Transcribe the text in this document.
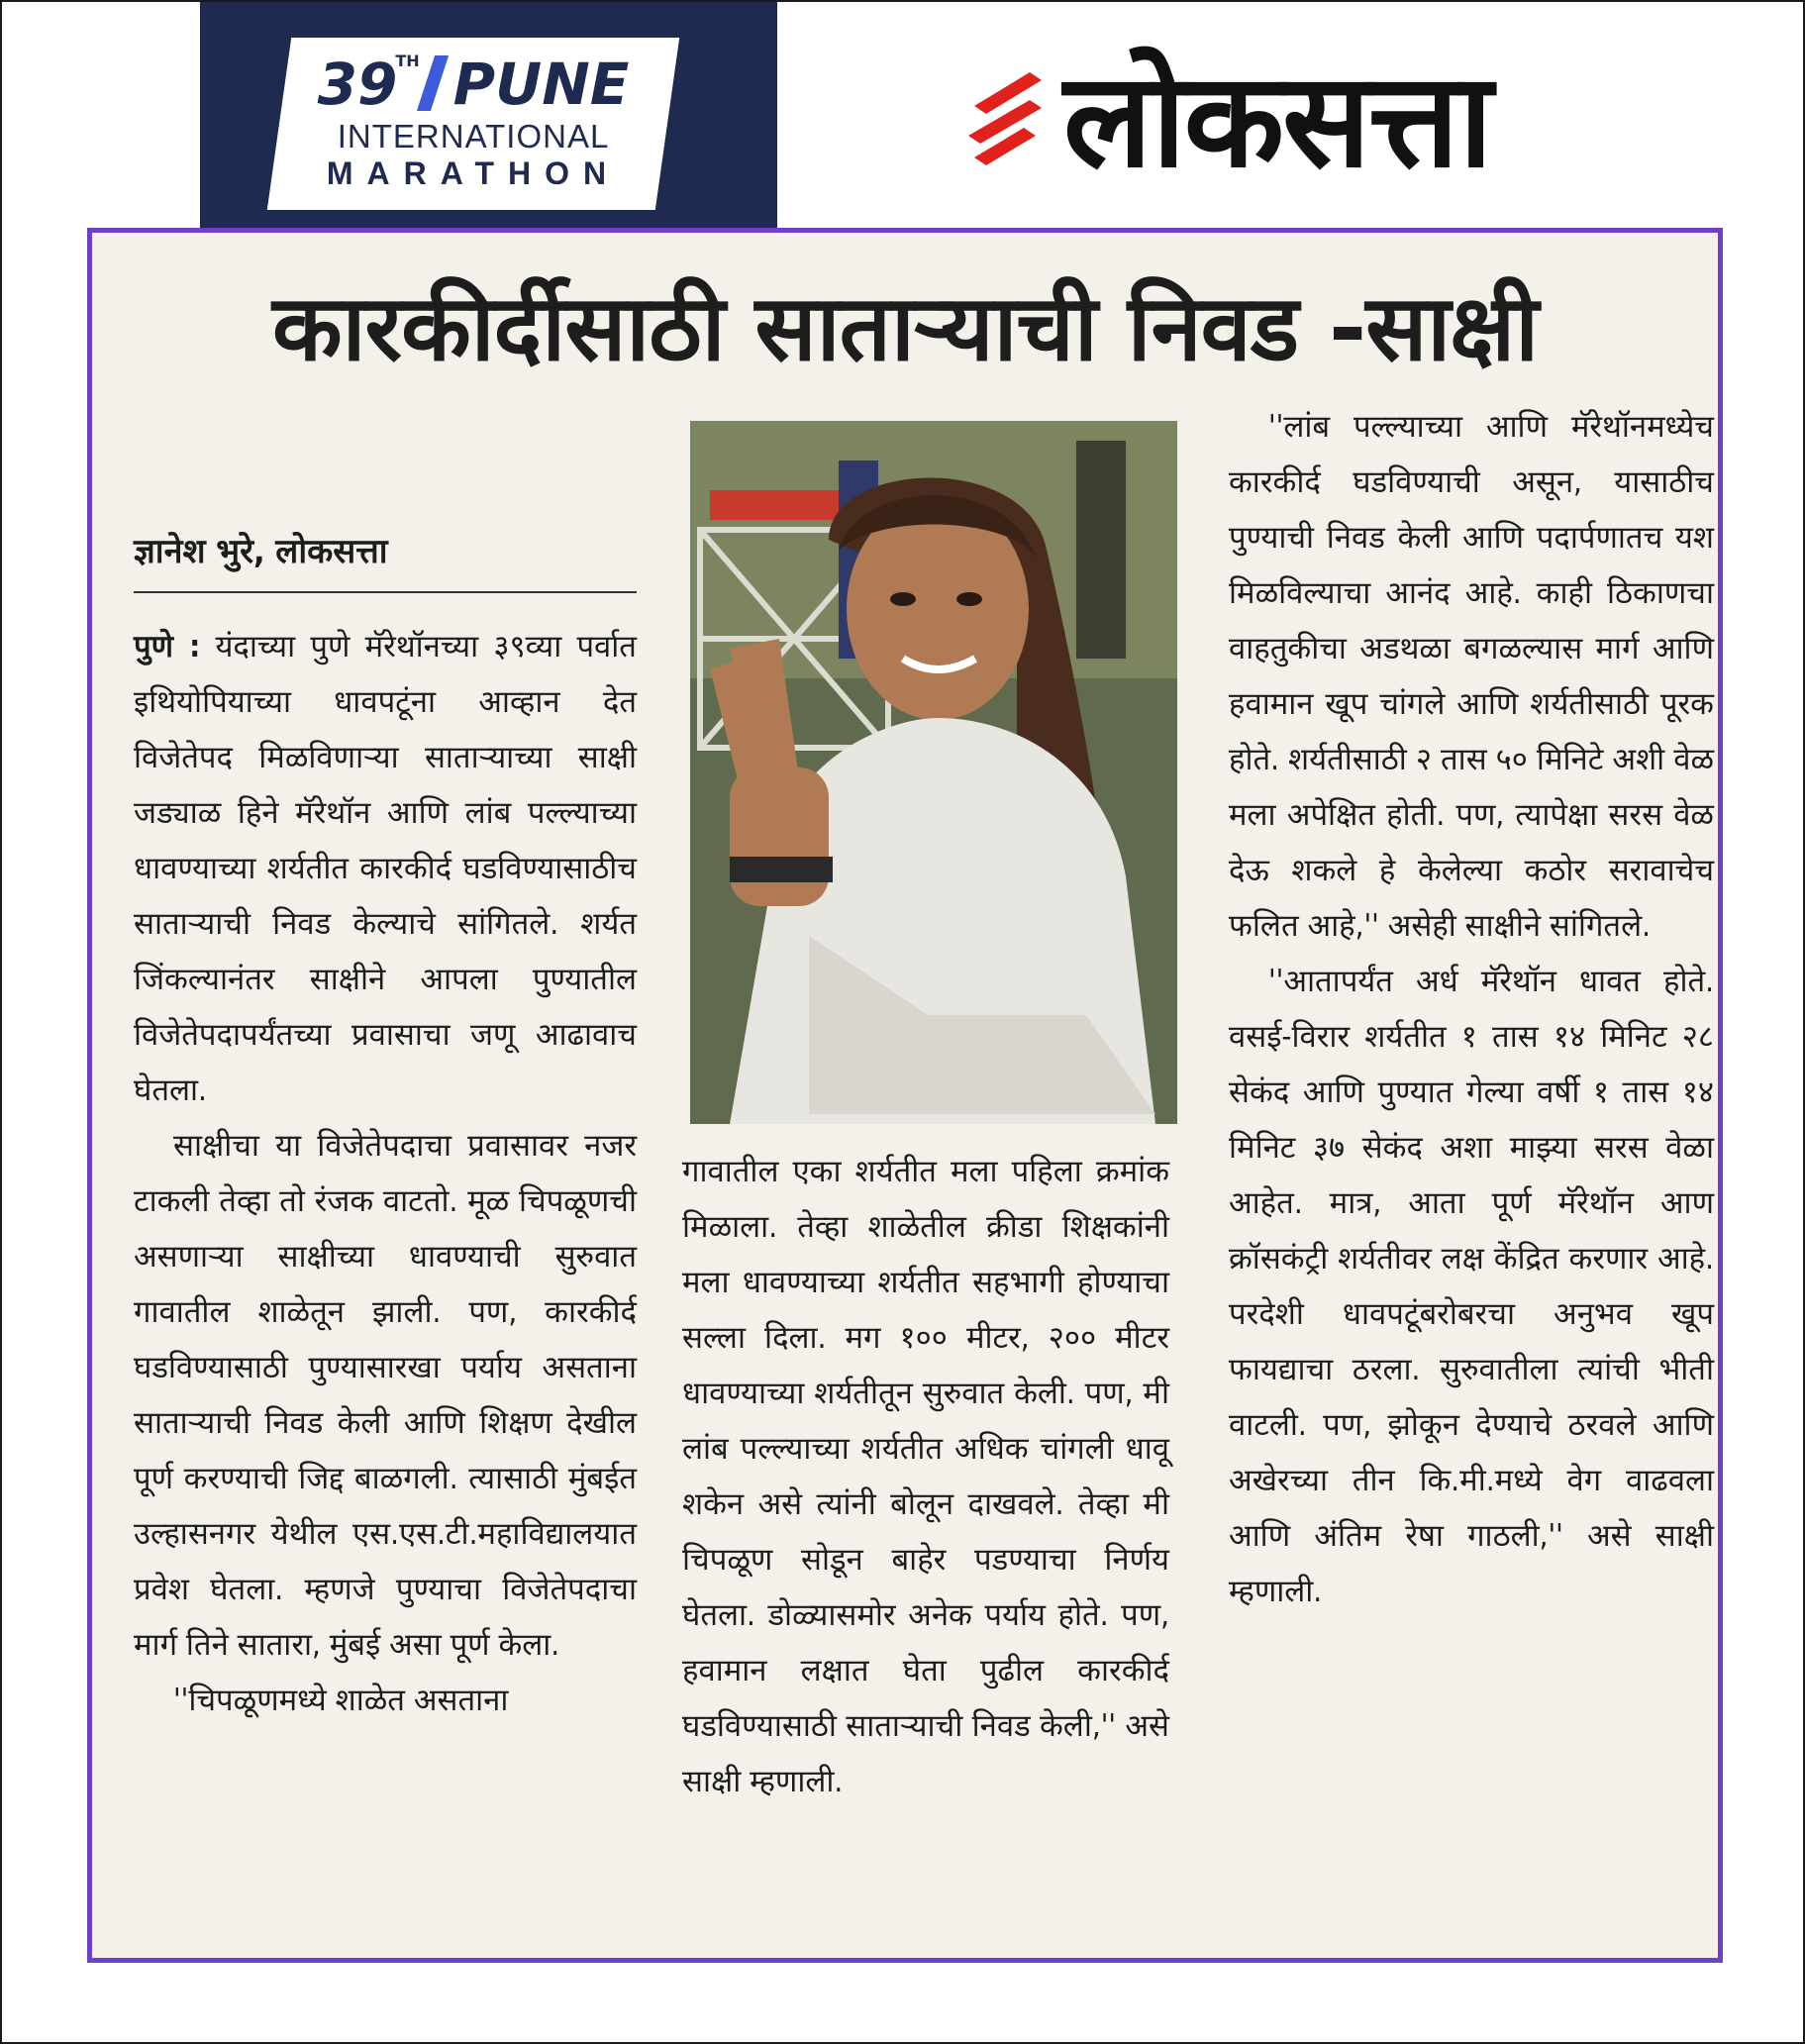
39
TH PUNE
INTERNATIONAL
MARATHON	लोकसत्ता
कारकीर्दीसाठी साताऱ्याची निवड -साक्षी
ज्ञानेश भुरे, लोकसत्ता

पुणे : यंदाच्या पुणे मॅरेथॉनच्या ३९व्या पर्वात इथियोपियाच्या धावपटूंना आव्हान देत विजेतेपद मिळविणाऱ्या साताऱ्याच्या साक्षी जड्याळ हिने मॅरेथॉन आणि लांब पल्ल्याच्या धावण्याच्या शर्यतीत कारकीर्द घडविण्यासाठीच साताऱ्याची निवड केल्याचे सांगितले. शर्यत जिंकल्यानंतर साक्षीने आपला पुण्यातील विजेतेपदापर्यंतच्या प्रवासाचा जणू आढावाच घेतला.

साक्षीचा या विजेतेपदाचा प्रवासावर नजर टाकली तेव्हा तो रंजक वाटतो. मूळ चिपळूणची असणाऱ्या साक्षीच्या धावण्याची सुरुवात गावातील शाळेतून झाली. पण, कारकीर्द घडविण्यासाठी पुण्यासारखा पर्याय असताना साताऱ्याची निवड केली आणि शिक्षण देखील पूर्ण करण्याची जिद्द बाळगली. त्यासाठी मुंबईत उल्हासनगर येथील एस.एस.टी.महाविद्यालयात प्रवेश घेतला. म्हणजे पुण्याचा विजेतेपदाचा मार्ग तिने सातारा, मुंबई असा पूर्ण केला.

''चिपळूणमध्ये शाळेत असताना

गावातील एका शर्यतीत मला पहिला क्रमांक मिळाला. तेव्हा शाळेतील क्रीडा शिक्षकांनी मला धावण्याच्या शर्यतीत सहभागी होण्याचा सल्ला दिला. मग १०० मीटर, २०० मीटर धावण्याच्या शर्यतीतून सुरुवात केली. पण, मी लांब पल्ल्याच्या शर्यतीत अधिक चांगली धावू शकेन असे त्यांनी बोलून दाखवले. तेव्हा मी चिपळूण सोडून बाहेर पडण्याचा निर्णय घेतला. डोळ्यासमोर अनेक पर्याय होते. पण, हवामान लक्षात घेता पुढील कारकीर्द घडविण्यासाठी साताऱ्याची निवड केली,'' असे साक्षी म्हणाली.

''लांब पल्ल्याच्या आणि मॅरेथॉनमध्येच कारकीर्द घडविण्याची असून, यासाठीच पुण्याची निवड केली आणि पदार्पणातच यश मिळविल्याचा आनंद आहे. काही ठिकाणचा वाहतुकीचा अडथळा बगळल्यास मार्ग आणि हवामान खूप चांगले आणि शर्यतीसाठी पूरक होते. शर्यतीसाठी २ तास ५० मिनिटे अशी वेळ मला अपेक्षित होती. पण, त्यापेक्षा सरस वेळ देऊ शकले हे केलेल्या कठोर सरावाचेच फलित आहे,'' असेही साक्षीने सांगितले.

''आतापर्यंत अर्ध मॅरेथॉन धावत होते. वसई-विरार शर्यतीत १ तास १४ मिनिट २८ सेकंद आणि पुण्यात गेल्या वर्षी १ तास १४ मिनिट ३७ सेकंद अशा माझ्या सरस वेळा आहेत. मात्र, आता पूर्ण मॅरेथॉन आण क्रॉसकंट्री शर्यतीवर लक्ष केंद्रित करणार आहे. परदेशी धावपटूंबरोबरचा अनुभव खूप फायद्याचा ठरला. सुरुवातीला त्यांची भीती वाटली. पण, झोकून देण्याचे ठरवले आणि अखेरच्या तीन कि.मी.मध्ये वेग वाढवला आणि अंतिम रेषा गाठली,'' असे साक्षी म्हणाली.
